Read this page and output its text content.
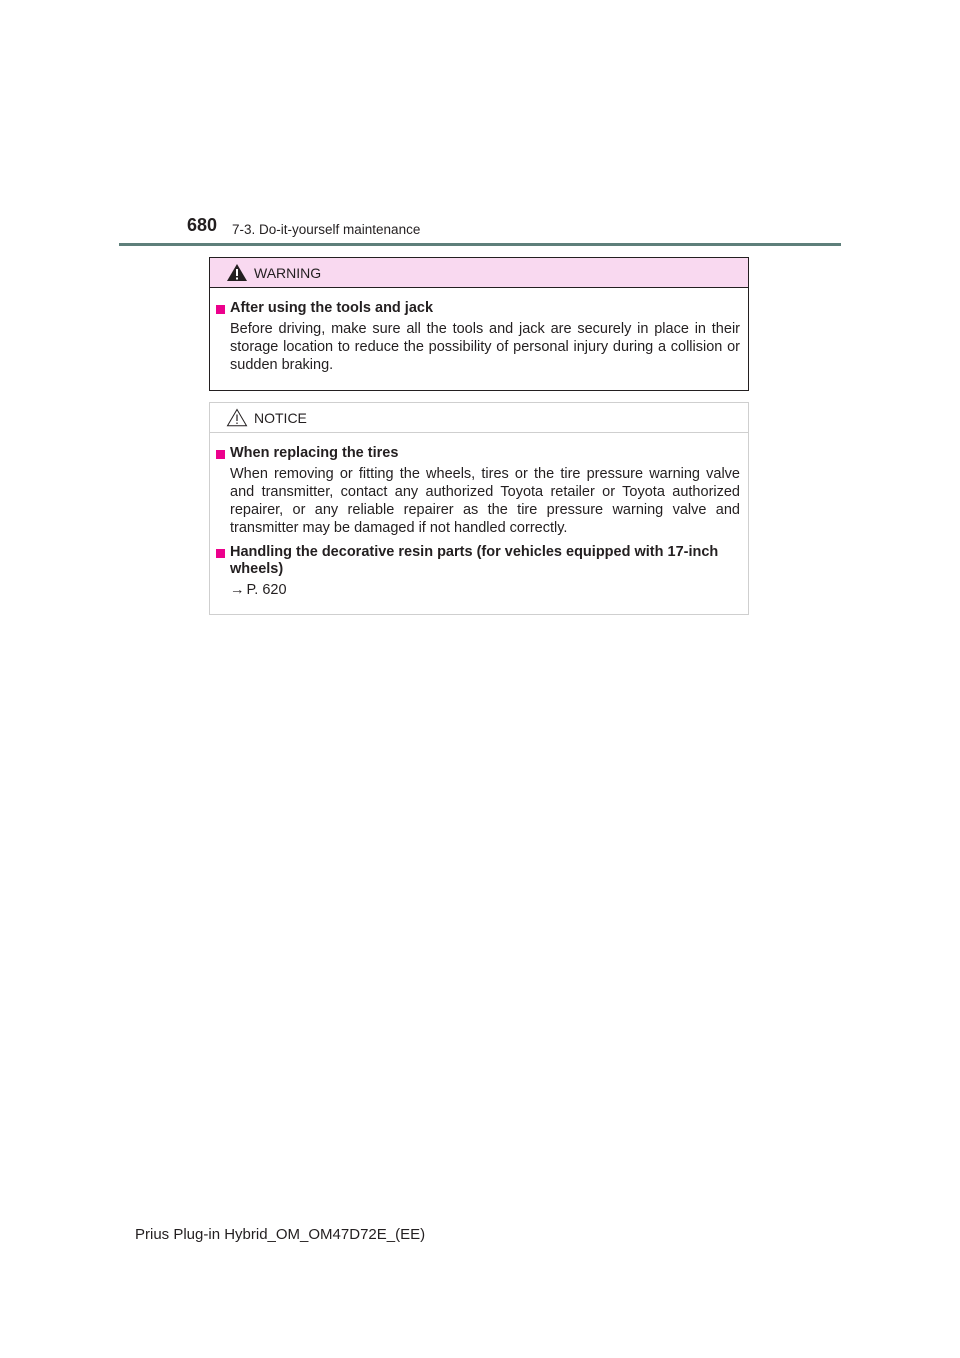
680 7-3. Do-it-yourself maintenance
WARNING
After using the tools and jack
Before driving, make sure all the tools and jack are securely in place in their storage location to reduce the possibility of personal injury during a collision or sudden braking.
NOTICE
When replacing the tires
When removing or fitting the wheels, tires or the tire pressure warning valve and transmitter, contact any authorized Toyota retailer or Toyota authorized repairer, or any reliable repairer as the tire pressure warning valve and transmitter may be damaged if not handled correctly.
Handling the decorative resin parts (for vehicles equipped with 17-inch wheels)
→ P. 620
Prius Plug-in Hybrid_OM_OM47D72E_(EE)
